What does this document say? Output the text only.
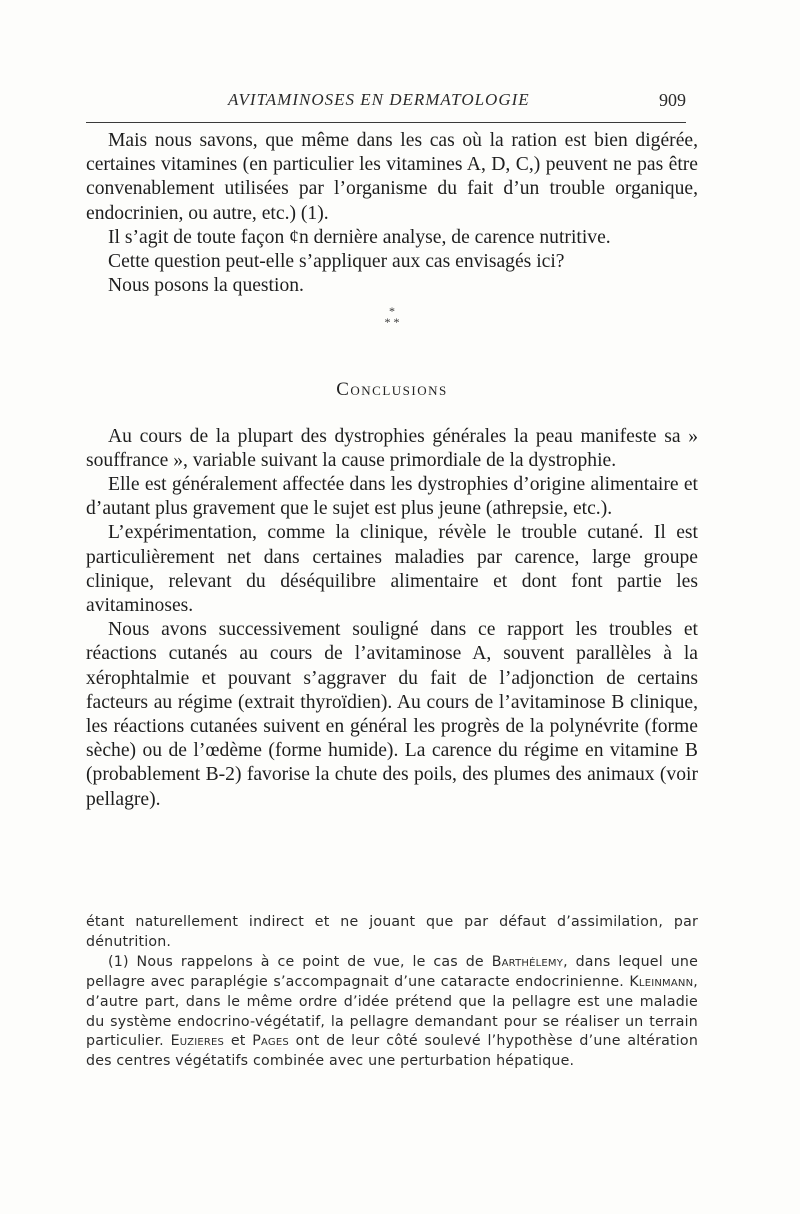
AVITAMINOSES EN DERMATOLOGIE	909

Mais nous savons, que même dans les cas où la ration est bien digérée, certaines vitamines (en particulier les vitamines A, D, C,) peuvent ne pas être convenablement utilisées par l’organisme du fait d’un trouble organique, endocrinien, ou autre, etc.) (1).

Il s’agit de toute façon ¢n dernière analyse, de carence nutritive.

Cette question peut-elle s’appliquer aux cas envisagés ici?

Nous posons la question.

*
* *
Conclusions

Au cours de la plupart des dystrophies générales la peau manifeste sa » souffrance », variable suivant la cause primordiale de la dystrophie.

Elle est généralement affectée dans les dystrophies d’origine alimentaire et d’autant plus gravement que le sujet est plus jeune (athrepsie, etc.).

L’expérimentation, comme la clinique, révèle le trouble cutané. Il est particulièrement net dans certaines maladies par carence, large groupe clinique, relevant du déséquilibre alimentaire et dont font partie les avitaminoses.

Nous avons successivement souligné dans ce rapport les troubles et réactions cutanés au cours de l’avitaminose A, souvent parallèles à la xérophtalmie et pouvant s’aggraver du fait de l’adjonction de certains facteurs au régime (extrait thyroïdien). Au cours de l’avitaminose B clinique, les réactions cutanées suivent en général les progrès de la polynévrite (forme sèche) ou de l’œdème (forme humide). La carence du régime en vitamine B (probablement B-2) favorise la chute des poils, des plumes des animaux (voir pellagre).

étant naturellement indirect et ne jouant que par défaut d’assimilation, par dénutrition.

(1) Nous rappelons à ce point de vue, le cas de Barthélemy, dans lequel une pellagre avec paraplégie s’accompagnait d’une cataracte endocrinienne. Kleinmann, d’autre part, dans le même ordre d’idée prétend que la pellagre est une maladie du système endocrino-végétatif, la pellagre demandant pour se réaliser un terrain particulier. Euzieres et Pages ont de leur côté soulevé l’hypothèse d’une altération des centres végétatifs combinée avec une perturbation hépatique.
